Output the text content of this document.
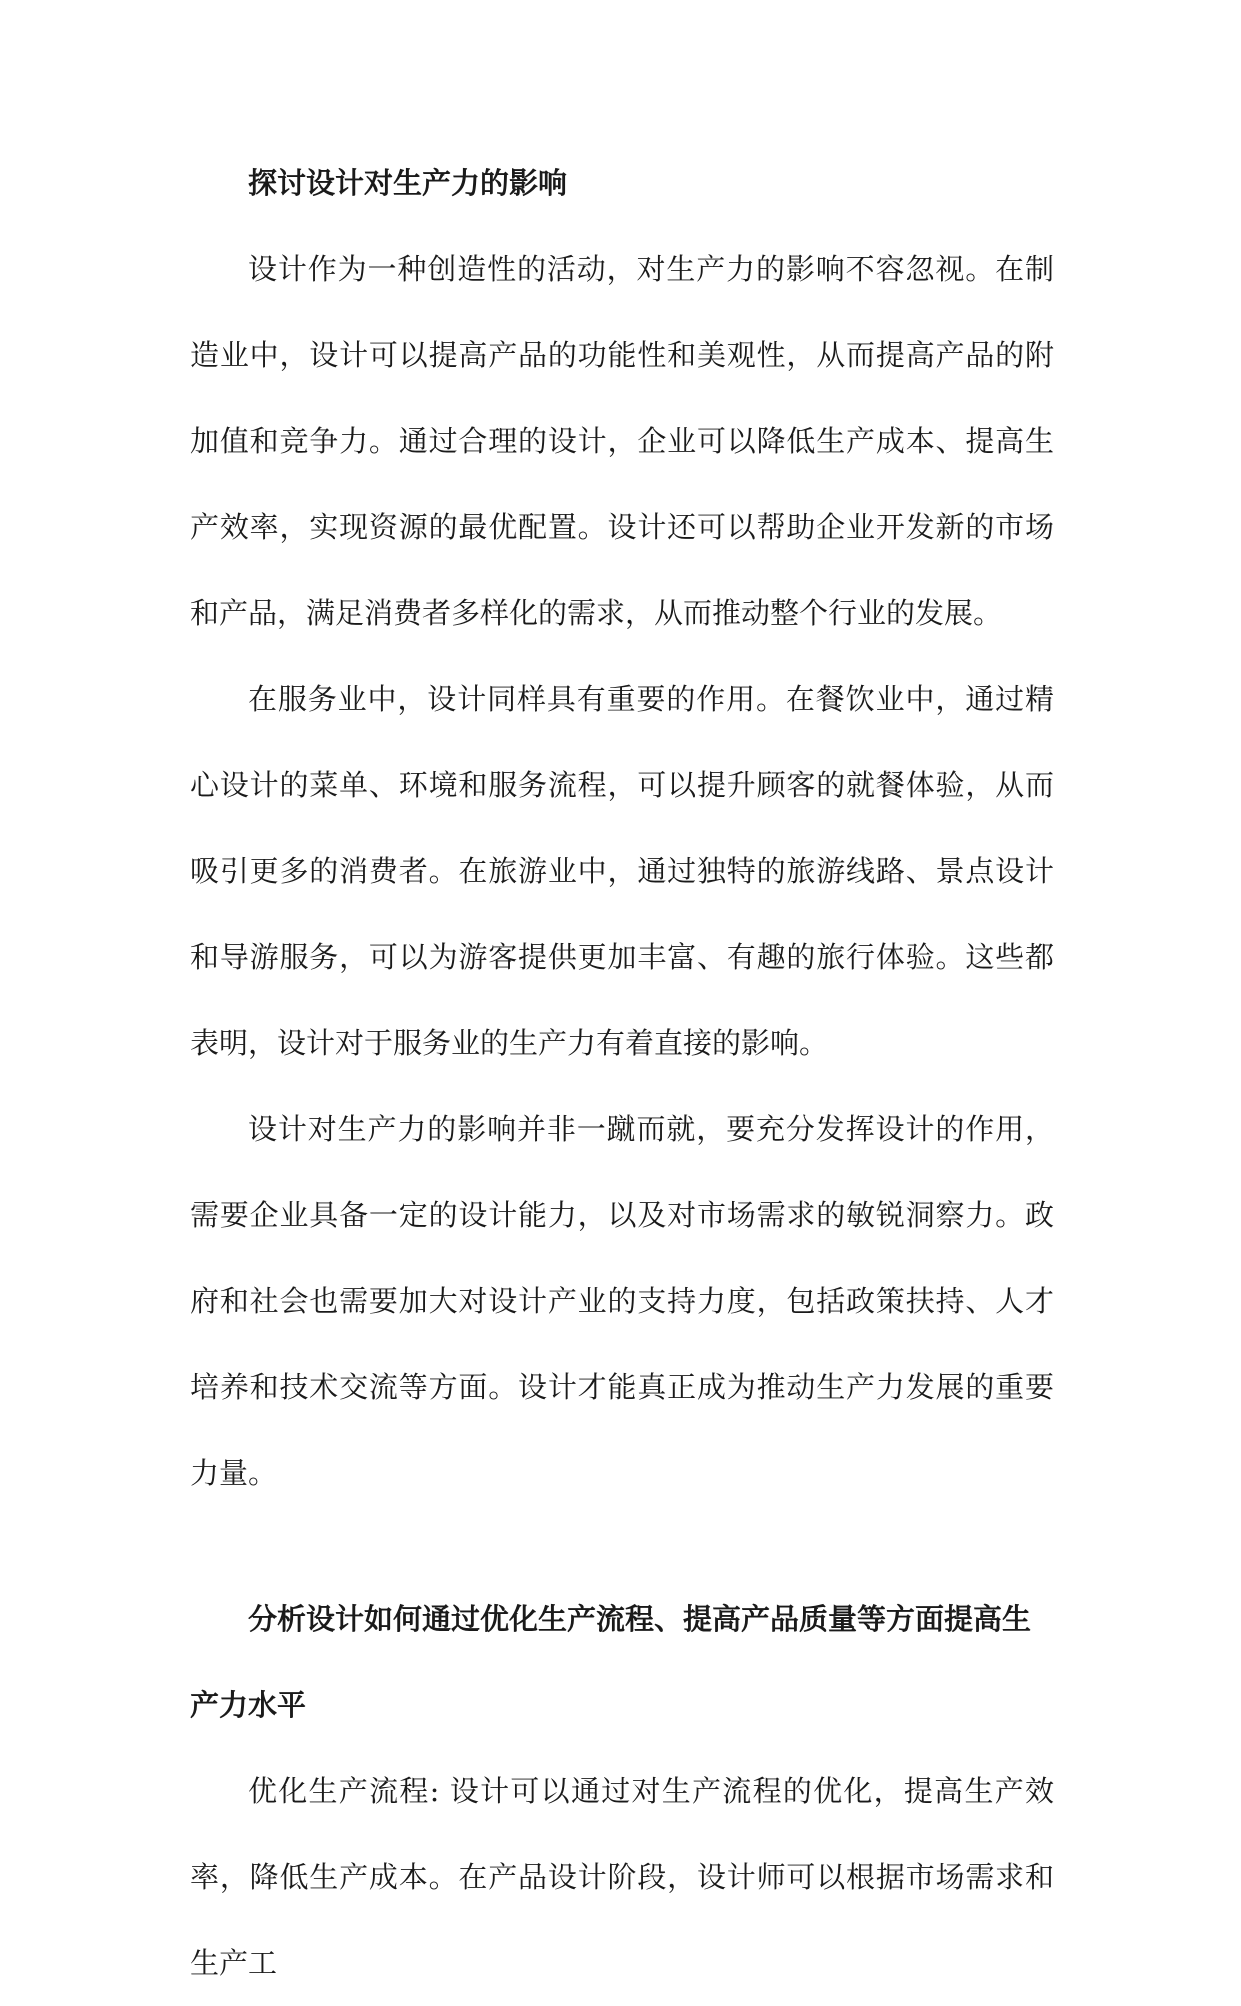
探讨设计对生产力的影响

设计作为一种创造性的活动，对生产力的影响不容忽视。在制造业中，设计可以提高产品的功能性和美观性，从而提高产品的附加值和竞争力。通过合理的设计，企业可以降低生产成本、提高生产效率，实现资源的最优配置。设计还可以帮助企业开发新的市场和产品，满足消费者多样化的需求，从而推动整个行业的发展。

在服务业中，设计同样具有重要的作用。在餐饮业中，通过精心设计的菜单、环境和服务流程，可以提升顾客的就餐体验，从而吸引更多的消费者。在旅游业中，通过独特的旅游线路、景点设计和导游服务，可以为游客提供更加丰富、有趣的旅行体验。这些都表明，设计对于服务业的生产力有着直接的影响。

设计对生产力的影响并非一蹴而就，要充分发挥设计的作用，需要企业具备一定的设计能力，以及对市场需求的敏锐洞察力。政府和社会也需要加大对设计产业的支持力度，包括政策扶持、人才培养和技术交流等方面。设计才能真正成为推动生产力发展的重要力量。

分析设计如何通过优化生产流程、提高产品质量等方面提高生产力水平

优化生产流程: 设计可以通过对生产流程的优化，提高生产效率，降低生产成本。在产品设计阶段，设计师可以根据市场需求和生产工
